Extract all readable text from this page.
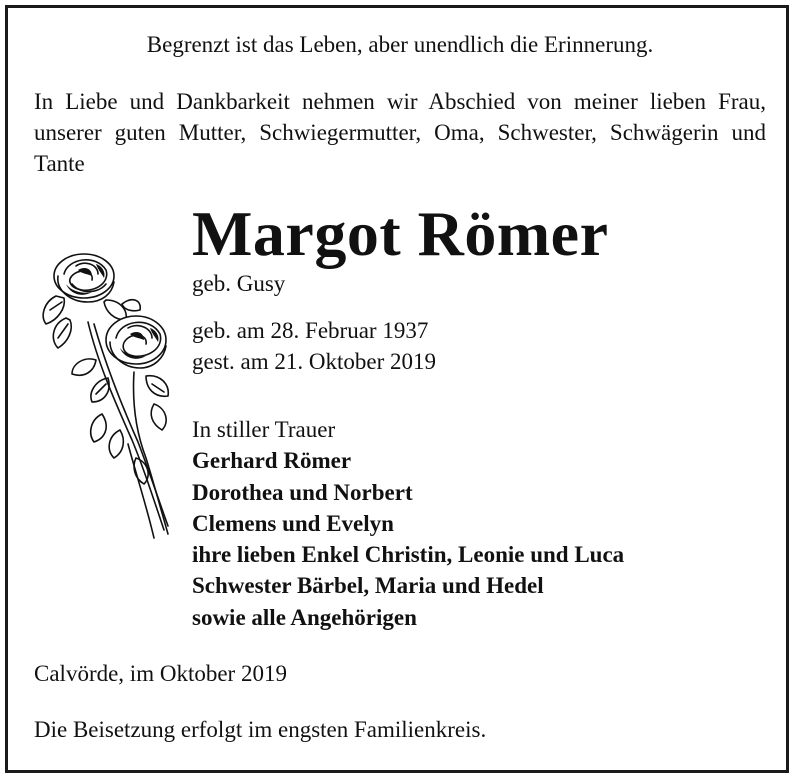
Begrenzt ist das Leben, aber unendlich die Erinnerung.
In Liebe und Dankbarkeit nehmen wir Abschied von meiner lieben Frau, unserer guten Mutter, Schwiegermutter, Oma, Schwester, Schwägerin und Tante
Margot Römer
geb. Gusy
geb. am 28. Februar 1937
gest. am 21. Oktober 2019
In stiller Trauer
Gerhard Römer
Dorothea und Norbert
Clemens und Evelyn
ihre lieben Enkel Christin, Leonie und Luca
Schwester Bärbel, Maria und Hedel
sowie alle Angehörigen
Calvörde, im Oktober 2019
Die Beisetzung erfolgt im engsten Familienkreis.
